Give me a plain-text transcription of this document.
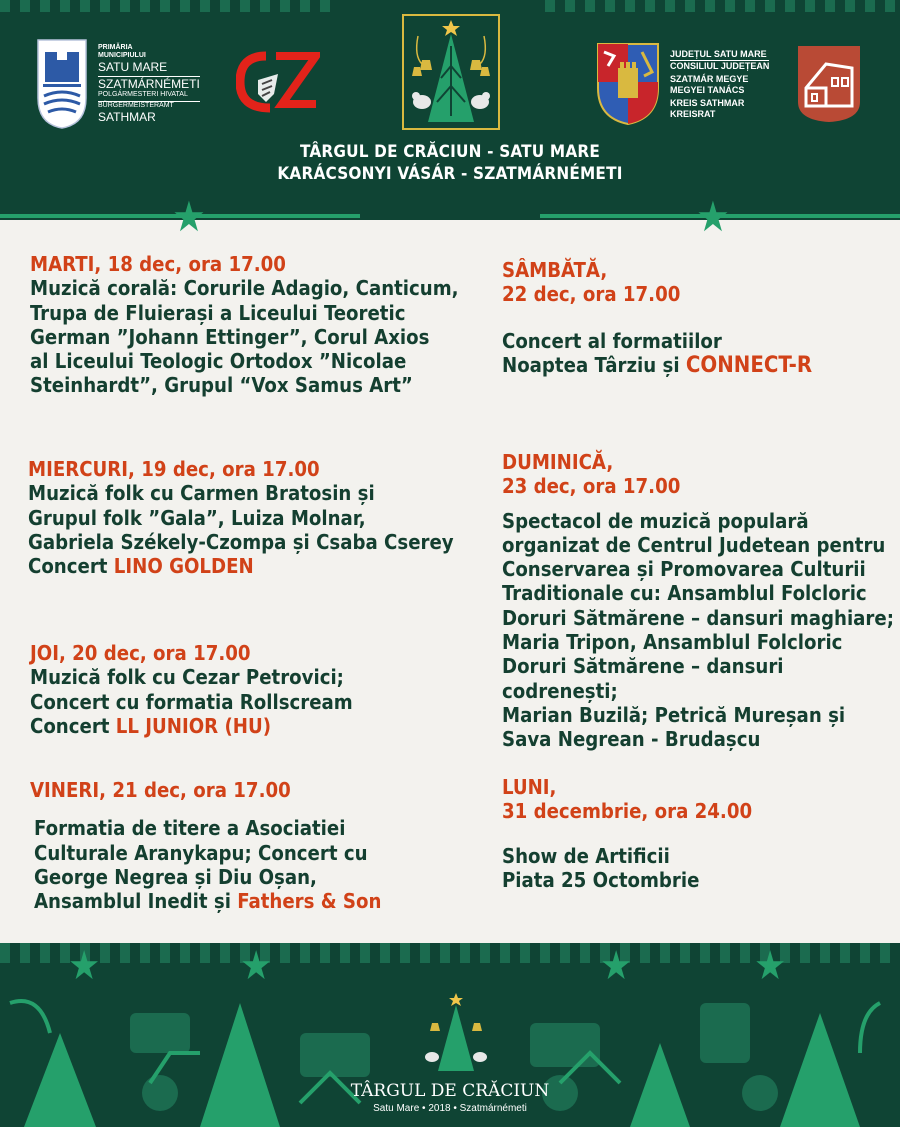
PRIMĂRIA MUNICIPIULUI
SATU MARE
SZATMÁRNÉMETI
POLGÁRMESTERI HIVATAL
BÜRGERMEISTERAMT
SATHMAR
JUDEȚUL SATU MARE
CONSILIUL JUDEȚEAN
SZATMÁR MEGYE
MEGYEI TANÁCS
KREIS SATHMAR
KREISRAT
TÂRGUL DE CRĂCIUN - SATU MARE
KARÁCSONYI VÁSÁR - SZATMÁRNÉMETI
★	★
MARTI, 18 dec, ora 17.00
Muzică corală: Corurile Adagio, Canticum,
Trupa de Fluierași a Liceului Teoretic
German ”Johann Ettinger”, Corul Axios
al Liceului Teologic Ortodox ”Nicolae
Steinhardt”, Grupul “Vox Samus Art”
MIERCURI, 19 dec, ora 17.00
Muzică folk cu Carmen Bratosin și
Grupul folk ”Gala”, Luiza Molnar,
Gabriela Székely-Czompa și Csaba Cserey
Concert LINO GOLDEN
JOI, 20 dec, ora 17.00
Muzică folk cu Cezar Petrovici;
Concert cu formatia Rollscream
Concert LL JUNIOR (HU)
VINERI, 21 dec, ora 17.00
Formatia de titere a Asociatiei
Culturale Aranykapu; Concert cu
George Negrea și Diu Oșan,
Ansamblul Inedit și Fathers & Son
SÂMBĂTĂ,
22 dec, ora 17.00
Concert al formatiilor
Noaptea Târziu și CONNECT-R
DUMINICĂ,
23 dec, ora 17.00
Spectacol de muzică populară
organizat de Centrul Judetean pentru
Conservarea și Promovarea Culturii
Traditionale cu: Ansamblul Folcloric
Doruri Sătmărene – dansuri maghiare;
Maria Tripon, Ansamblul Folcloric
Doruri Sătmărene – dansuri codrenești;
Marian Buzilă; Petrică Mureșan și
Sava Negrean - Brudașcu
LUNI,
31 decembrie, ora 24.00
Show de Artificii
Piata 25 Octombrie
★	★	★	★
TÂRGUL DE CRĂCIUN
Satu Mare • 2018 • Szatmárnémeti
